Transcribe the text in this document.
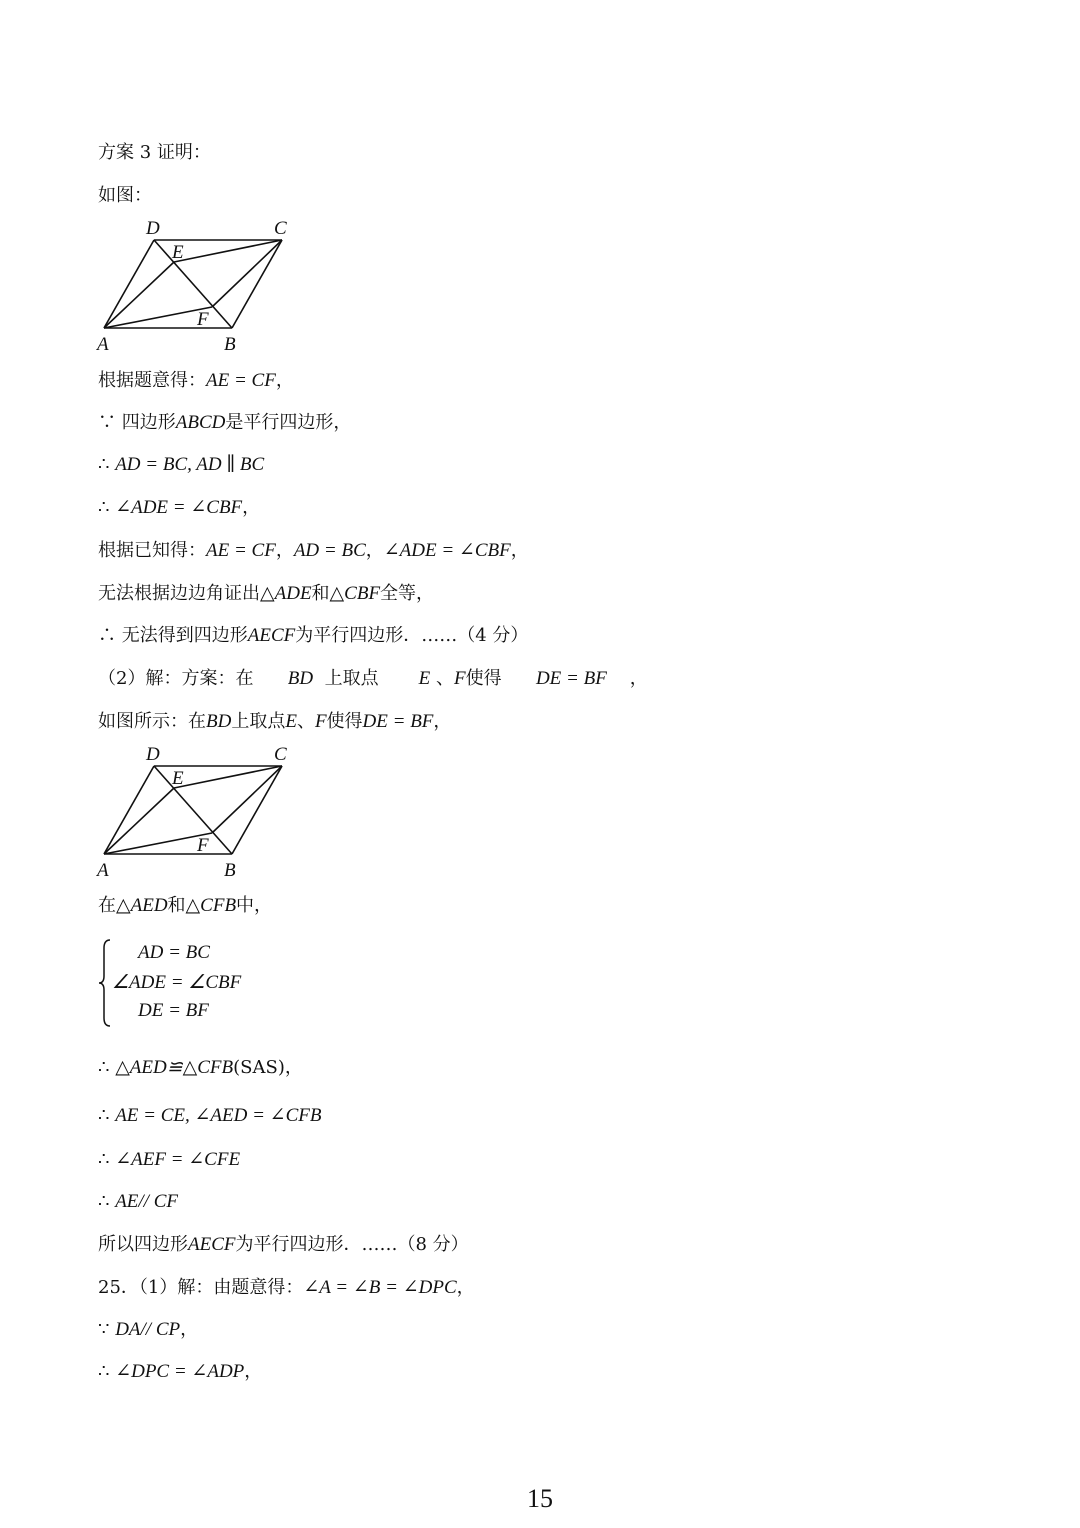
方案 3 证明：
如图：
D	C
E
F
A	B
根据题意得：AE = CF，
∵ 四边形ABCD是平行四边形，
∴ AD = BC, AD ∥ BC
∴ ∠ADE = ∠CBF，
根据已知得：AE = CF，AD = BC，∠ADE = ∠CBF，
无法根据边边角证出△ADE和△CBF全等，
∴ 无法得到四边形AECF为平行四边形．……（4 分）
（2）解：方案：在 BD 上取点 E 、F使得 DE = BF ，
如图所示：在BD上取点E、F使得DE = BF，
D	C
E
F
A	B
在△AED和△CFB中，
AD = BC
∠ADE = ∠CBF
DE = BF
∴ △AED≌△CFB(SAS)，
∴ AE = CE, ∠AED = ∠CFB
∴ ∠AEF = ∠CFE
∴ AE// CF
所以四边形AECF为平行四边形．……（8 分）
25．（1）解：由题意得：∠A = ∠B = ∠DPC，
∵ DA// CP，
∴ ∠DPC = ∠ADP，
15
